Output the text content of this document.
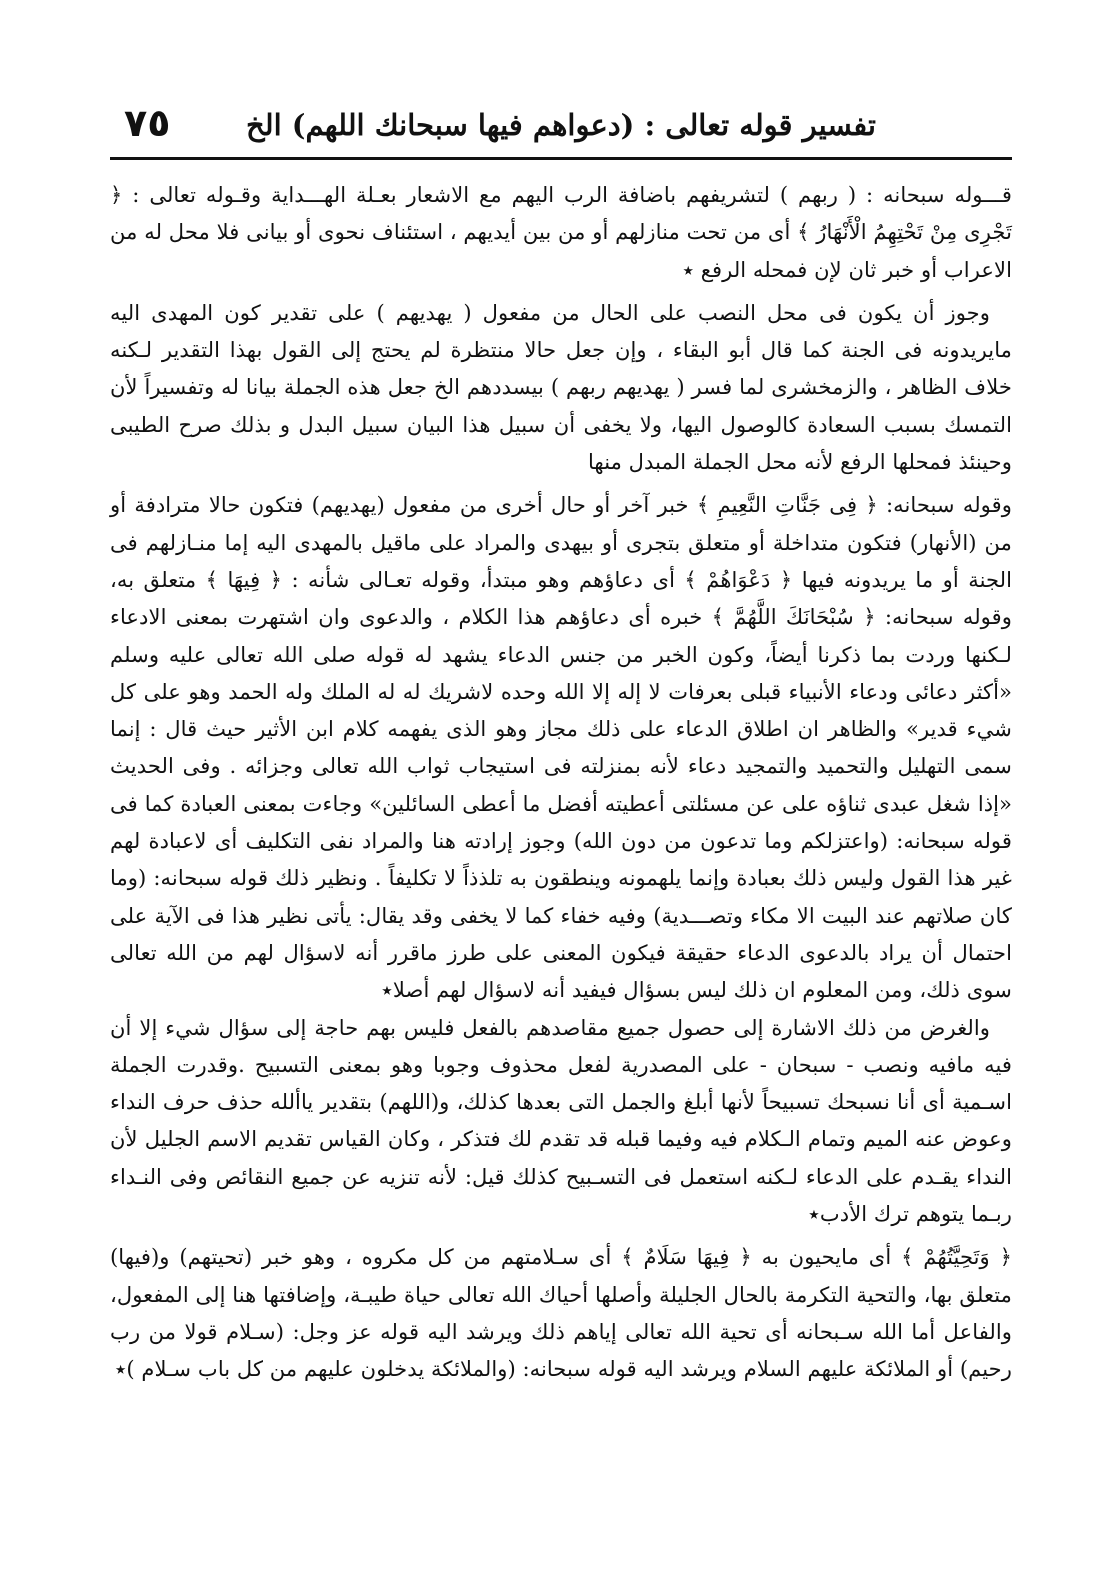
تفسير قوله تعالى : (دعواهم فيها سبحانك اللهم) الخ
٧٥

قـــوله سبحانه : ( ربهم ) لتشريفهم باضافة الرب اليهم مع الاشعار بعـلة الهـــداية وقـوله تعالى : ﴿ تَجْرِى مِنْ تَحْتِهِمُ الْأَنْهَارُ ﴾ أى من تحت منازلهم أو من بين أيديهم ، استئناف نحوى أو بيانى فلا محل له من الاعراب أو خبر ثان لإن فمحله الرفع ٭

وجوز أن يكون فى محل النصب على الحال من مفعول ( يهديهم ) على تقدير كون المهدى اليه مايريدونه فى الجنة كما قال أبو البقاء ، وإن جعل حالا منتظرة لم يحتج إلى القول بهذا التقدير لـكنه خلاف الظاهر ، والزمخشرى لما فسر ( يهديهم ربهم ) بيسددهم الخ جعل هذه الجملة بيانا له وتفسيراً لأن التمسك بسبب السعادة كالوصول اليها، ولا يخفى أن سبيل هذا البيان سبيل البدل و بذلك صرح الطيبى وحينئذ فمحلها الرفع لأنه محل الجملة المبدل منها

وقوله سبحانه: ﴿ فِى جَنَّاتِ النَّعِيمِ ﴾ خبر آخر أو حال أخرى من مفعول (يهديهم) فتكون حالا مترادفة أو من (الأنهار) فتكون متداخلة أو متعلق بتجرى أو بيهدى والمراد على ماقيل بالمهدى اليه إما منـازلهم فى الجنة أو ما يريدونه فيها ﴿ دَعْوَاهُمْ ﴾ أى دعاؤهم وهو مبتدأ، وقوله تعـالى شأنه : ﴿ فِيهَا ﴾ متعلق به، وقوله سبحانه: ﴿ سُبْحَانَكَ اللَّهُمَّ ﴾ خبره أى دعاؤهم هذا الكلام ، والدعوى وان اشتهرت بمعنى الادعاء لـكنها وردت بما ذكرنا أيضاً، وكون الخبر من جنس الدعاء يشهد له قوله صلى الله تعالى عليه وسلم «أكثر دعائى ودعاء الأنبياء قبلى بعرفات لا إله إلا الله وحده لاشريك له له الملك وله الحمد وهو على كل شيء قدير» والظاهر ان اطلاق الدعاء على ذلك مجاز وهو الذى يفهمه كلام ابن الأثير حيث قال : إنما سمى التهليل والتحميد والتمجيد دعاء لأنه بمنزلته فى استيجاب ثواب الله تعالى وجزائه . وفى الحديث «إذا شغل عبدى ثناؤه على عن مسئلتى أعطيته أفضل ما أعطى السائلين» وجاءت بمعنى العبادة كما فى قوله سبحانه: (واعتزلكم وما تدعون من دون الله) وجوز إرادته هنا والمراد نفى التكليف أى لاعبادة لهم غير هذا القول وليس ذلك بعبادة وإنما يلهمونه وينطقون به تلذذاً لا تكليفاً . ونظير ذلك قوله سبحانه: (وما كان صلاتهم عند البيت الا مكاء وتصـــدية) وفيه خفاء كما لا يخفى وقد يقال: يأتى نظير هذا فى الآية على احتمال أن يراد بالدعوى الدعاء حقيقة فيكون المعنى على طرز ماقرر أنه لاسؤال لهم من الله تعالى سوى ذلك، ومن المعلوم ان ذلك ليس بسؤال فيفيد أنه لاسؤال لهم أصلا٭

والغرض من ذلك الاشارة إلى حصول جميع مقاصدهم بالفعل فليس بهم حاجة إلى سؤال شيء إلا أن فيه مافيه ونصب - سبحان - على المصدرية لفعل محذوف وجوبا وهو بمعنى التسبيح .وقدرت الجملة اسـمية أى أنا نسبحك تسبيحاً لأنها أبلغ والجمل التى بعدها كذلك، و(اللهم) بتقدير ياألله حذف حرف النداء وعوض عنه الميم وتمام الـكلام فيه وفيما قبله قد تقدم لك فتذكر ، وكان القياس تقديم الاسم الجليل لأن النداء يقـدم على الدعاء لـكنه استعمل فى التسـبيح كذلك قيل: لأنه تنزيه عن جميع النقائص وفى النـداء ربـما يتوهم ترك الأدب٭

﴿ وَتَحِيَّتُهُمْ ﴾ أى مايحيون به ﴿ فِيهَا سَلَامٌ ﴾ أى سـلامتهم من كل مكروه ، وهو خبر (تحيتهم) و(فيها) متعلق بها، والتحية التكرمة بالحال الجليلة وأصلها أحياك الله تعالى حياة طيبـة، وإضافتها هنا إلى المفعول، والفاعل أما الله سـبحانه أى تحية الله تعالى إياهم ذلك ويرشد اليه قوله عز وجل: (سـلام قولا من رب رحيم) أو الملائكة عليهم السلام ويرشد اليه قوله سبحانه: (والملائكة يدخلون عليهم من كل باب سـلام )٭
